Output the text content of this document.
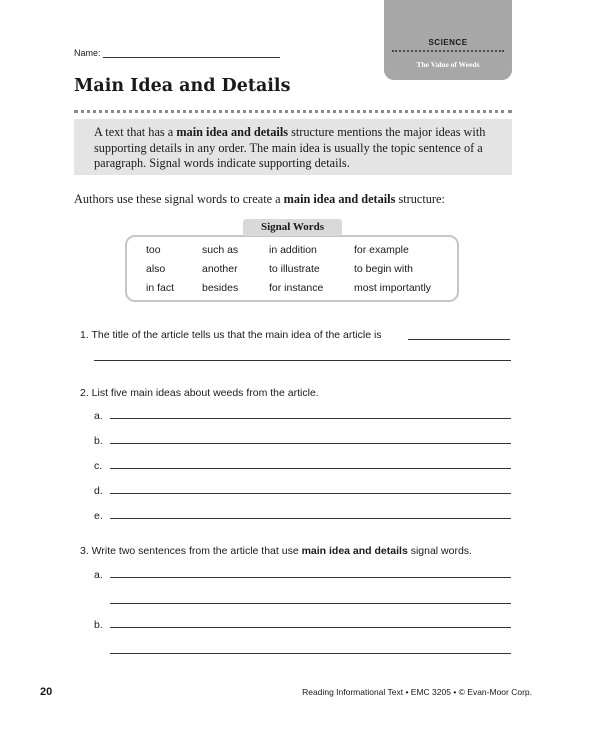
SCIENCE
The Value of Weeds
Name:
Main Idea and Details

A text that has a main idea and details structure mentions the major ideas with supporting details in any order. The main idea is usually the topic sentence of a paragraph. Signal words indicate supporting details.

Authors use these signal words to create a main idea and details structure:
Signal Words
too	such as	in addition	for example
also	another	to illustrate	to begin with
in fact	besides	for instance	most importantly
1. The title of the article tells us that the main idea of the article is
2. List five main ideas about weeds from the article.
a.
b.
c.
d.
e.
3. Write two sentences from the article that use main idea and details signal words.
a.
b.
20	Reading Informational Text • EMC 3205 • © Evan-Moor Corp.
